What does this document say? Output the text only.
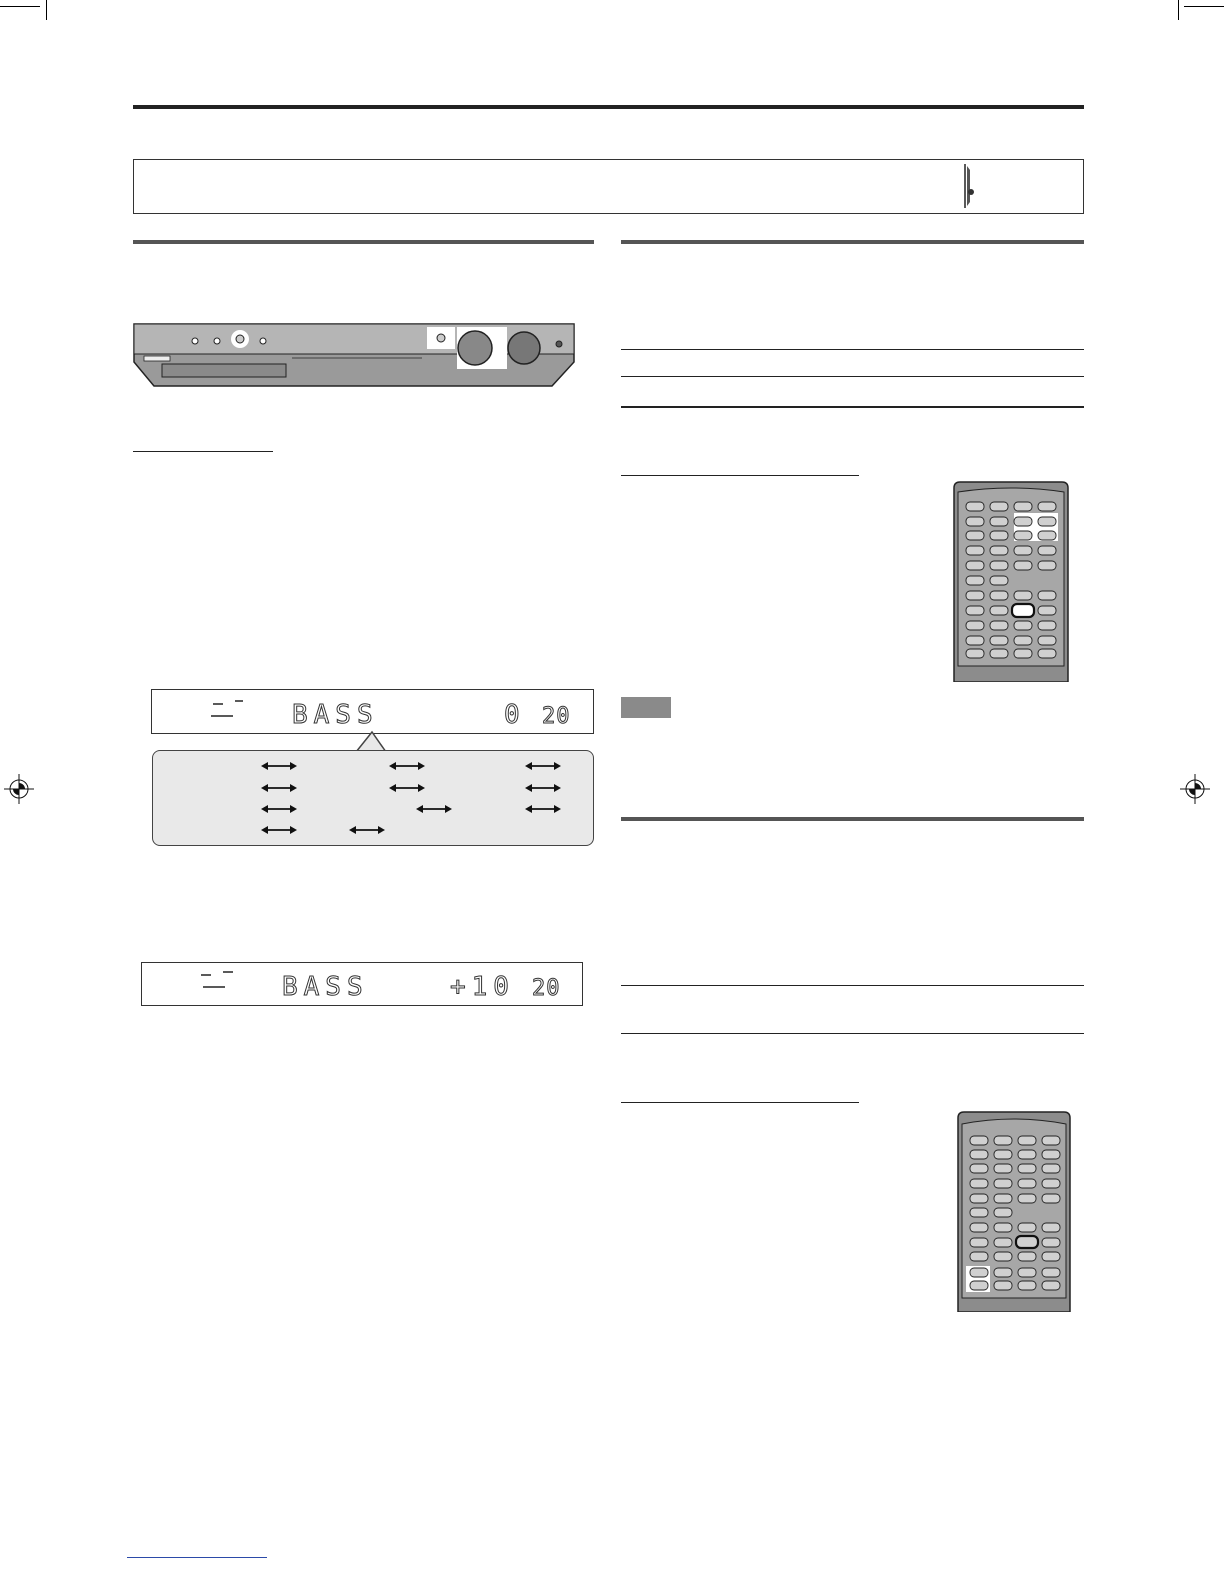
BASS	0 20
BASS	+10 20
